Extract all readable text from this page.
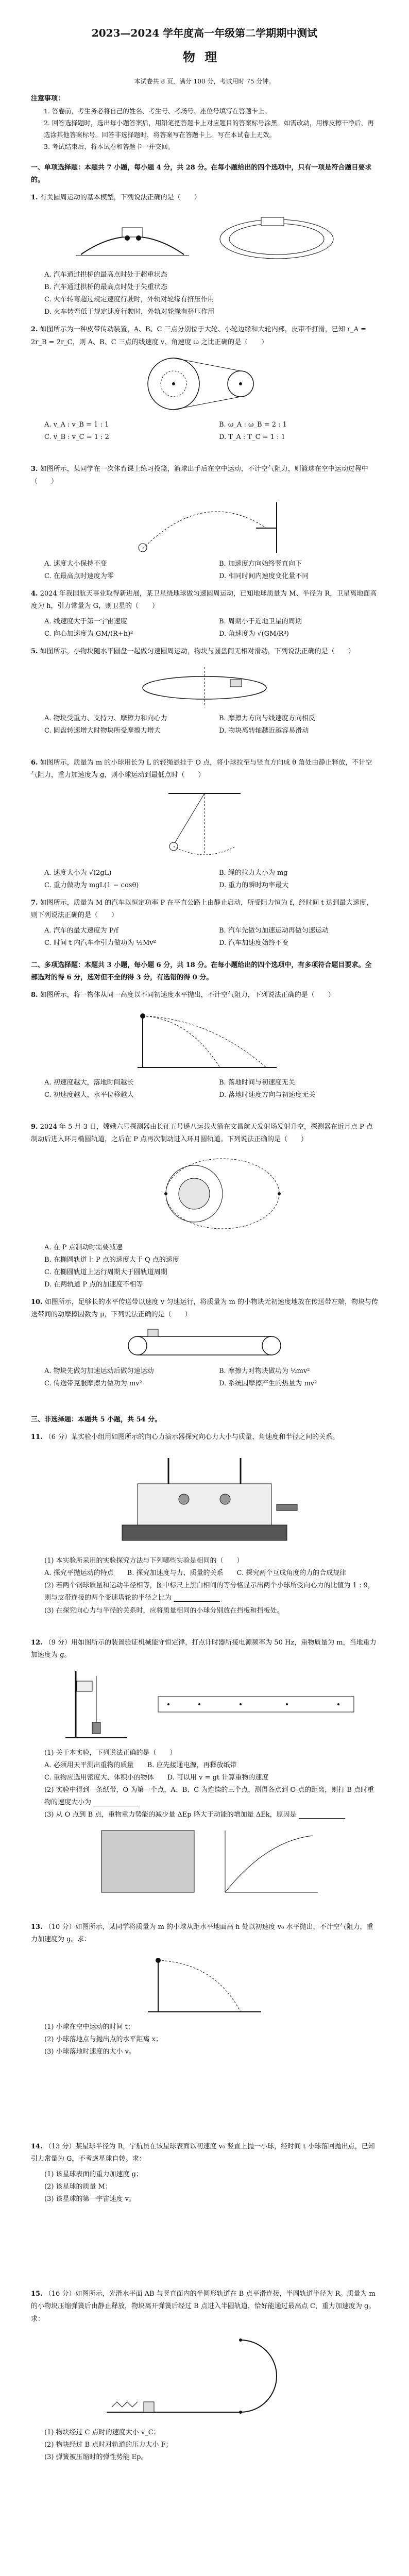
2023—2024 学年度高一年级第二学期期中测试
物理
本试卷共 8 页，满分 100 分，考试用时 75 分钟。
注意事项：
1. 答卷前，考生务必将自己的姓名、考生号、考场号、座位号填写在答题卡上。
2. 回答选择题时，选出每小题答案后，用铅笔把答题卡上对应题目的答案标号涂黑。如需改动，用橡皮擦干净后，再选涂其他答案标号。回答非选择题时，将答案写在答题卡上。写在本试卷上无效。
3. 考试结束后，将本试卷和答题卡一并交回。
一、单项选择题：本题共 7 小题，每小题 4 分，共 28 分。在每小题给出的四个选项中，只有一项是符合题目要求的。
1. 有关圆周运动的基本模型，下列说法正确的是（　　）
A. 汽车通过拱桥的最高点时处于超重状态
B. 汽车通过拱桥的最高点时处于失重状态
C. 火车转弯超过规定速度行驶时，外轨对轮缘有挤压作用
D. 火车转弯低于规定速度行驶时，外轨对轮缘有挤压作用
2. 如图所示为一种皮带传动装置，A、B、C 三点分别位于大轮、小轮边缘和大轮内部，皮带不打滑，已知 r_A = 2r_B = 2r_C，则 A、B、C 三点的线速度 v、角速度 ω 之比正确的是（　　）
A. v_A : v_B = 1 : 1	B. ω_A : ω_B = 2 : 1
C. v_B : v_C = 1 : 2	D. T_A : T_C = 1 : 1
3. 如图所示，某同学在一次体育课上练习投篮，篮球出手后在空中运动，不计空气阻力，则篮球在空中运动过程中（　　）
A. 速度大小保持不变	B. 加速度方向始终竖直向下
C. 在最高点时速度为零	D. 相同时间内速度变化量不同
4. 2024 年我国航天事业取得新进展，某卫星绕地球做匀速圆周运动，已知地球质量为 M、半径为 R，卫星离地面高度为 h，引力常量为 G，则卫星的（　　）
A. 线速度大于第一宇宙速度	B. 周期小于近地卫星的周期
C. 向心加速度为 GM/(R+h)²	D. 角速度为 √(GM/R³)
5. 如图所示，小物块随水平圆盘一起做匀速圆周运动，物块与圆盘间无相对滑动，下列说法正确的是（　　）
A. 物块受重力、支持力、摩擦力和向心力	B. 摩擦力方向与线速度方向相反
C. 圆盘转速增大时物块所受摩擦力增大	D. 物块离转轴越近越容易滑动
6. 如图所示，质量为 m 的小球用长为 L 的轻绳悬挂于 O 点，将小球拉至与竖直方向成 θ 角处由静止释放，不计空气阻力，重力加速度为 g，则小球运动到最低点时（　　）
A. 速度大小为 √(2gL)	B. 绳的拉力大小为 mg
C. 重力做功为 mgL(1 − cosθ)	D. 重力的瞬时功率最大
7. 如图所示，质量为 M 的汽车以恒定功率 P 在平直公路上由静止启动，所受阻力恒为 f，经时间 t 达到最大速度，则下列说法正确的是（　　）
A. 汽车的最大速度为 P/f	B. 汽车先做匀加速运动再做匀速运动
C. 时间 t 内汽车牵引力做功为 ½Mv²	D. 汽车加速度始终不变
二、多项选择题：本题共 3 小题，每小题 6 分，共 18 分。在每小题给出的四个选项中，有多项符合题目要求。全部选对的得 6 分，选对但不全的得 3 分，有选错的得 0 分。
8. 如图所示，将一物体从同一高度以不同初速度水平抛出，不计空气阻力，下列说法正确的是（　　）
A. 初速度越大，落地时间越长	B. 落地时间与初速度无关
C. 初速度越大，水平位移越大	D. 落地时速度方向与初速度无关
9. 2024 年 5 月 3 日，嫦娥六号探测器由长征五号遥八运载火箭在文昌航天发射场发射升空，探测器在近月点 P 点制动后进入环月椭圆轨道，之后在 P 点再次制动进入环月圆轨道。下列说法正确的是（　　）
A. 在 P 点制动时需要减速
B. 在椭圆轨道上 P 点的速度大于 Q 点的速度
C. 在椭圆轨道上运行周期大于圆轨道周期
D. 在两轨道 P 点的加速度不相等
10. 如图所示，足够长的水平传送带以速度 v 匀速运行，将质量为 m 的小物块无初速度地放在传送带左端，物块与传送带间的动摩擦因数为 μ，下列说法正确的是（　　）
A. 物块先做匀加速运动后做匀速运动	B. 摩擦力对物块做功为 ½mv²
C. 传送带克服摩擦力做功为 mv²	D. 系统因摩擦产生的热量为 mv²
三、非选择题：本题共 5 小题，共 54 分。
11. （6 分）某实验小组用如图所示的向心力演示器探究向心力大小与质量、角速度和半径之间的关系。
(1) 本实验所采用的实验探究方法与下列哪些实验是相同的（　　）
A. 探究平抛运动的特点　　B. 探究加速度与力、质量的关系　　C. 探究两个互成角度的力的合成规律
(2) 若两个钢球质量和运动半径相等，图中标尺上黑白相间的等分格显示出两个小球所受向心力的比值为 1 : 9，则与皮带连接的两个变速塔轮的半径之比为
(3) 在探究向心力与半径的关系时，应将质量相同的小球分别放在挡板和挡板处。
12. （9 分）用如图所示的装置验证机械能守恒定律，打点计时器所接电源频率为 50 Hz，重物质量为 m，当地重力加速度为 g。
(1) 关于本实验，下列说法正确的是（　　）
A. 必须用天平测出重物的质量　　B. 应先接通电源，再释放纸带
C. 重物应选用密度大、体积小的物体　　D. 可以用 v = gt 计算重物的速度
(2) 实验中得到一条纸带，O 为第一个点，A、B、C 为连续的三个点，测得各点到 O 点的距离，则打 B 点时重物的速度大小为
(3) 从 O 点到 B 点，重物重力势能的减少量 ΔEp 略大于动能的增加量 ΔEk，原因是
13. （10 分）如图所示，某同学将质量为 m 的小球从距水平地面高 h 处以初速度 v₀ 水平抛出，不计空气阻力，重力加速度为 g。求：
(1) 小球在空中运动的时间 t；
(2) 小球落地点与抛出点的水平距离 x；
(3) 小球落地时速度的大小 v。
14. （13 分）某星球半径为 R，宇航员在该星球表面以初速度 v₀ 竖直上抛一小球，经时间 t 小球落回抛出点，已知引力常量为 G，不考虑星球自转。求：
(1) 该星球表面的重力加速度 g；
(2) 该星球的质量 M；
(3) 该星球的第一宇宙速度 v。
15. （16 分）如图所示，光滑水平面 AB 与竖直面内的半圆形轨道在 B 点平滑连接，半圆轨道半径为 R。质量为 m 的小物块压缩弹簧后由静止释放，物块离开弹簧后经过 B 点进入半圆轨道，恰好能通过最高点 C，重力加速度为 g。求：
(1) 物块经过 C 点时的速度大小 v_C；
(2) 物块经过 B 点时对轨道的压力大小 F；
(3) 弹簧被压缩时的弹性势能 Ep。
